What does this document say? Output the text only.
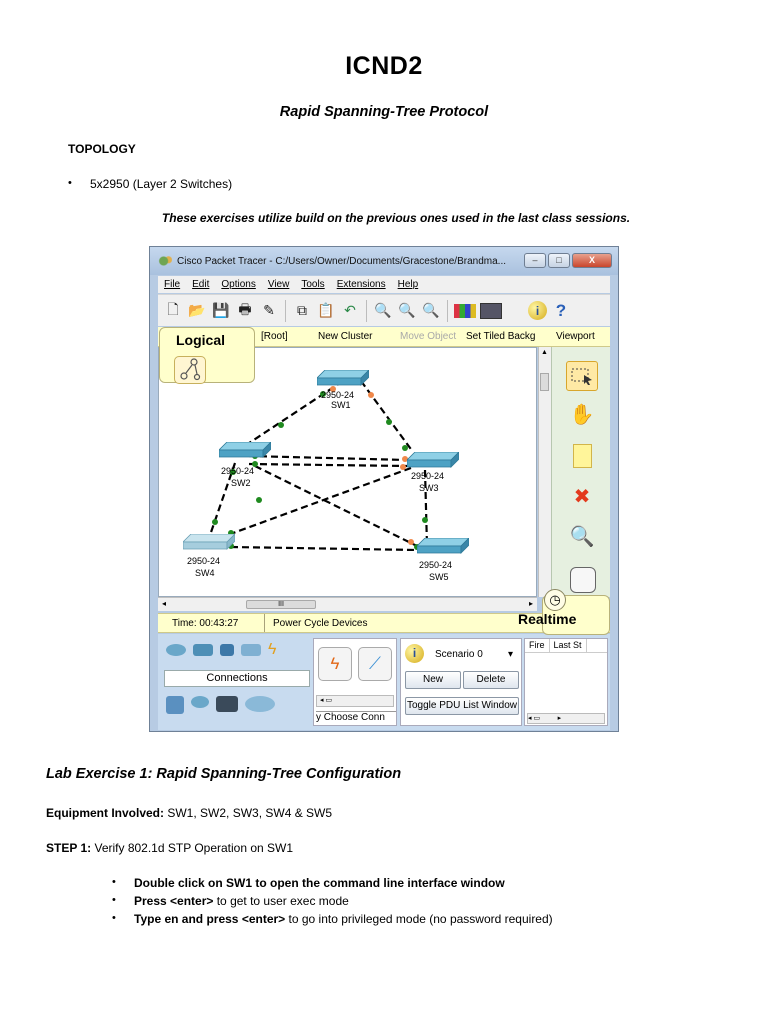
ICND2
Rapid Spanning-Tree Protocol
TOPOLOGY
•	5x2950 (Layer 2 Switches)
These exercises utilize build on the previous ones used in the last class sessions.
Cisco Packet Tracer - C:/Users/Owner/Documents/Gracestone/Brandma...	–	□	X
File Edit Options View Tools Extensions Help
🗋 📂 💾 🖶 ✎	⧉ 📋 ↶ 🔍 🔍 🔍	i ?
[Root]	New Cluster	Move Object Set Tiled Backg Viewport
Logical
2950-24
SW1
2950-24
SW2
2950-24
SW3
2950-24
SW4
2950-24
SW5
▲
✋
✖
🔍
◂	III	▸
Time: 00:43:27	Power Cycle Devices
◷
Realtime
ϟ
Connections
ϟ ⟋
◂ ▭
y Choose Conn
i	Scenario 0	▾
New	Delete
Toggle PDU List Window
Fire	Last St
◂ ▭         ▸
Lab Exercise 1: Rapid Spanning-Tree Configuration
Equipment Involved: SW1, SW2, SW3, SW4 & SW5
STEP 1: Verify 802.1d STP Operation on SW1
•	Double click on SW1 to open the command line interface window
•	Press <enter> to get to user exec mode
•	Type en and press <enter> to go into privileged mode (no password required)
